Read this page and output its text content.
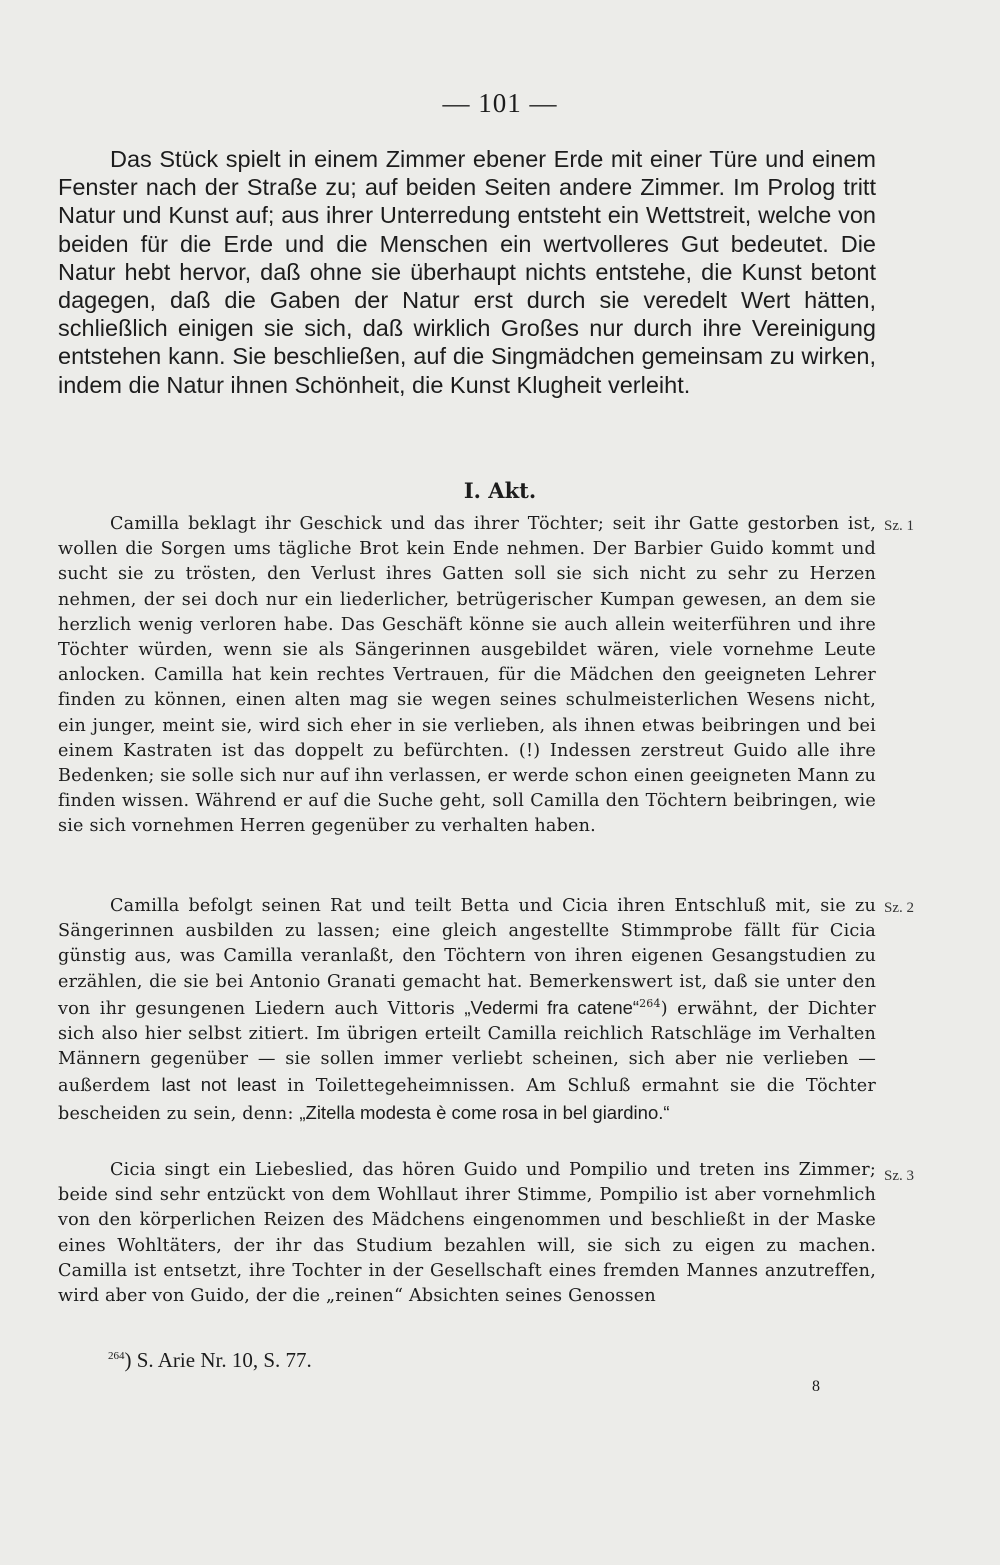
— 101 —

Das Stück spielt in einem Zimmer ebener Erde mit einer Türe und einem Fenster nach der Straße zu; auf beiden Seiten andere Zimmer. Im Prolog tritt Natur und Kunst auf; aus ihrer Unterredung entsteht ein Wettstreit, welche von beiden für die Erde und die Menschen ein wertvolleres Gut bedeutet. Die Natur hebt hervor, daß ohne sie überhaupt nichts entstehe, die Kunst betont dagegen, daß die Gaben der Natur erst durch sie veredelt Wert hätten, schließlich einigen sie sich, daß wirklich Großes nur durch ihre Vereinigung entstehen kann. Sie beschließen, auf die Singmädchen gemeinsam zu wirken, indem die Natur ihnen Schönheit, die Kunst Klugheit verleiht.

I. Akt.

Camilla beklagt ihr Geschick und das ihrer Töchter; seit ihr Gatte gestorben ist, wollen die Sorgen ums tägliche Brot kein Ende nehmen. Der Barbier Guido kommt und sucht sie zu trösten, den Verlust ihres Gatten soll sie sich nicht zu sehr zu Herzen nehmen, der sei doch nur ein liederlicher, betrügerischer Kumpan gewesen, an dem sie herzlich wenig verloren habe. Das Geschäft könne sie auch allein weiterführen und ihre Töchter würden, wenn sie als Sängerinnen ausgebildet wären, viele vornehme Leute anlocken. Camilla hat kein rechtes Vertrauen, für die Mädchen den geeigneten Lehrer finden zu können, einen alten mag sie wegen seines schulmeisterlichen Wesens nicht, ein junger, meint sie, wird sich eher in sie verlieben, als ihnen etwas beibringen und bei einem Kastraten ist das doppelt zu befürchten. (!) Indessen zerstreut Guido alle ihre Bedenken; sie solle sich nur auf ihn verlassen, er werde schon einen geeigneten Mann zu finden wissen. Während er auf die Suche geht, soll Camilla den Töchtern beibringen, wie sie sich vornehmen Herren gegenüber zu verhalten haben.

Sz. 1

Camilla befolgt seinen Rat und teilt Betta und Cicia ihren Entschluß mit, sie zu Sängerinnen ausbilden zu lassen; eine gleich angestellte Stimmprobe fällt für Cicia günstig aus, was Camilla veranlaßt, den Töchtern von ihren eigenen Gesangstudien zu erzählen, die sie bei Antonio Granati gemacht hat. Bemerkenswert ist, daß sie unter den von ihr gesungenen Liedern auch Vittoris „Vedermi fra catene“$^{264}$) erwähnt, der Dichter sich also hier selbst zitiert. Im übrigen erteilt Camilla reichlich Ratschläge im Verhalten Männern gegenüber — sie sollen immer verliebt scheinen, sich aber nie verlieben — außerdem last not least in Toilettegeheimnissen. Am Schluß ermahnt sie die Töchter bescheiden zu sein, denn: „Zitella modesta è come rosa in bel giardino.“

Sz. 2

Cicia singt ein Liebeslied, das hören Guido und Pompilio und treten ins Zimmer; beide sind sehr entzückt von dem Wohllaut ihrer Stimme, Pompilio ist aber vornehmlich von den körperlichen Reizen des Mädchens eingenommen und beschließt in der Maske eines Wohltäters, der ihr das Studium bezahlen will, sie sich zu eigen zu machen. Camilla ist entsetzt, ihre Tochter in der Gesellschaft eines fremden Mannes anzutreffen, wird aber von Guido, der die „reinen“ Absichten seines Genossen

Sz. 3

$^{264}$) S. Arie Nr. 10, S. 77.

8
